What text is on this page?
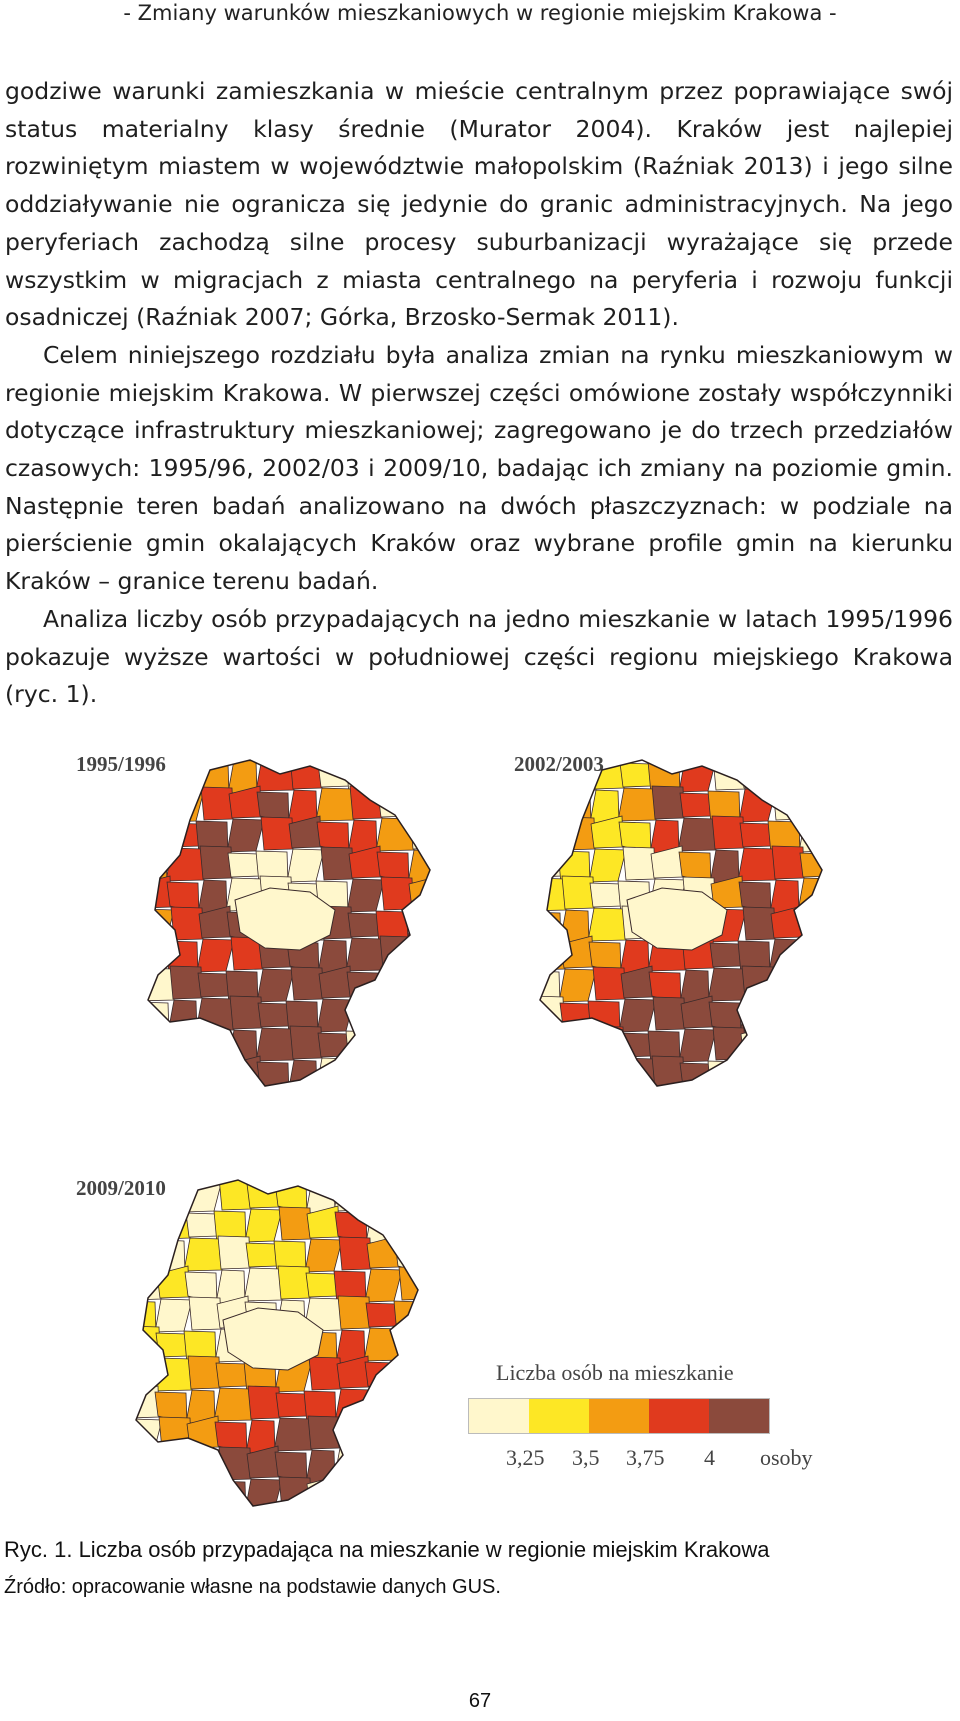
- Zmiany warunków mieszkaniowych w regionie miejskim Krakowa -

godziwe warunki zamieszkania w mieście centralnym przez poprawiające swój status materialny klasy średnie (Murator 2004). Kraków jest najlepiej rozwiniętym miastem w województwie małopolskim (Raźniak 2013) i jego silne oddziaływanie nie ogranicza się jedynie do granic administracyjnych. Na jego peryferiach zachodzą silne procesy suburbanizacji wyrażające się przede wszystkim w migracjach z miasta centralnego na peryferia i rozwoju funkcji osadniczej (Raźniak 2007; Górka, Brzosko-Sermak 2011).

Celem niniejszego rozdziału była analiza zmian na rynku mieszkaniowym w regionie miejskim Krakowa. W pierwszej części omówione zostały współczynniki dotyczące infrastruktury mieszkaniowej; zagregowano je do trzech przedziałów czasowych: 1995/96, 2002/03 i 2009/10, badając ich zmiany na poziomie gmin. Następnie teren badań analizowano na dwóch płaszczyznach: w podziale na pierścienie gmin okalających Kraków oraz wybrane profile gmin na kierunku Kraków – granice terenu badań.

Analiza liczby osób przypadających na jedno mieszkanie w latach 1995/1996 pokazuje wyższe wartości w południowej części regionu miejskiego Krakowa (ryc. 1).

1995/1996	2002/2003
2009/2010
Liczba osób na mieszkanie
3,25 3,5 3,75 4 osoby
Ryc. 1. Liczba osób przypadająca na mieszkanie w regionie miejskim Krakowa
Źródło: opracowanie własne na podstawie danych GUS.
67
